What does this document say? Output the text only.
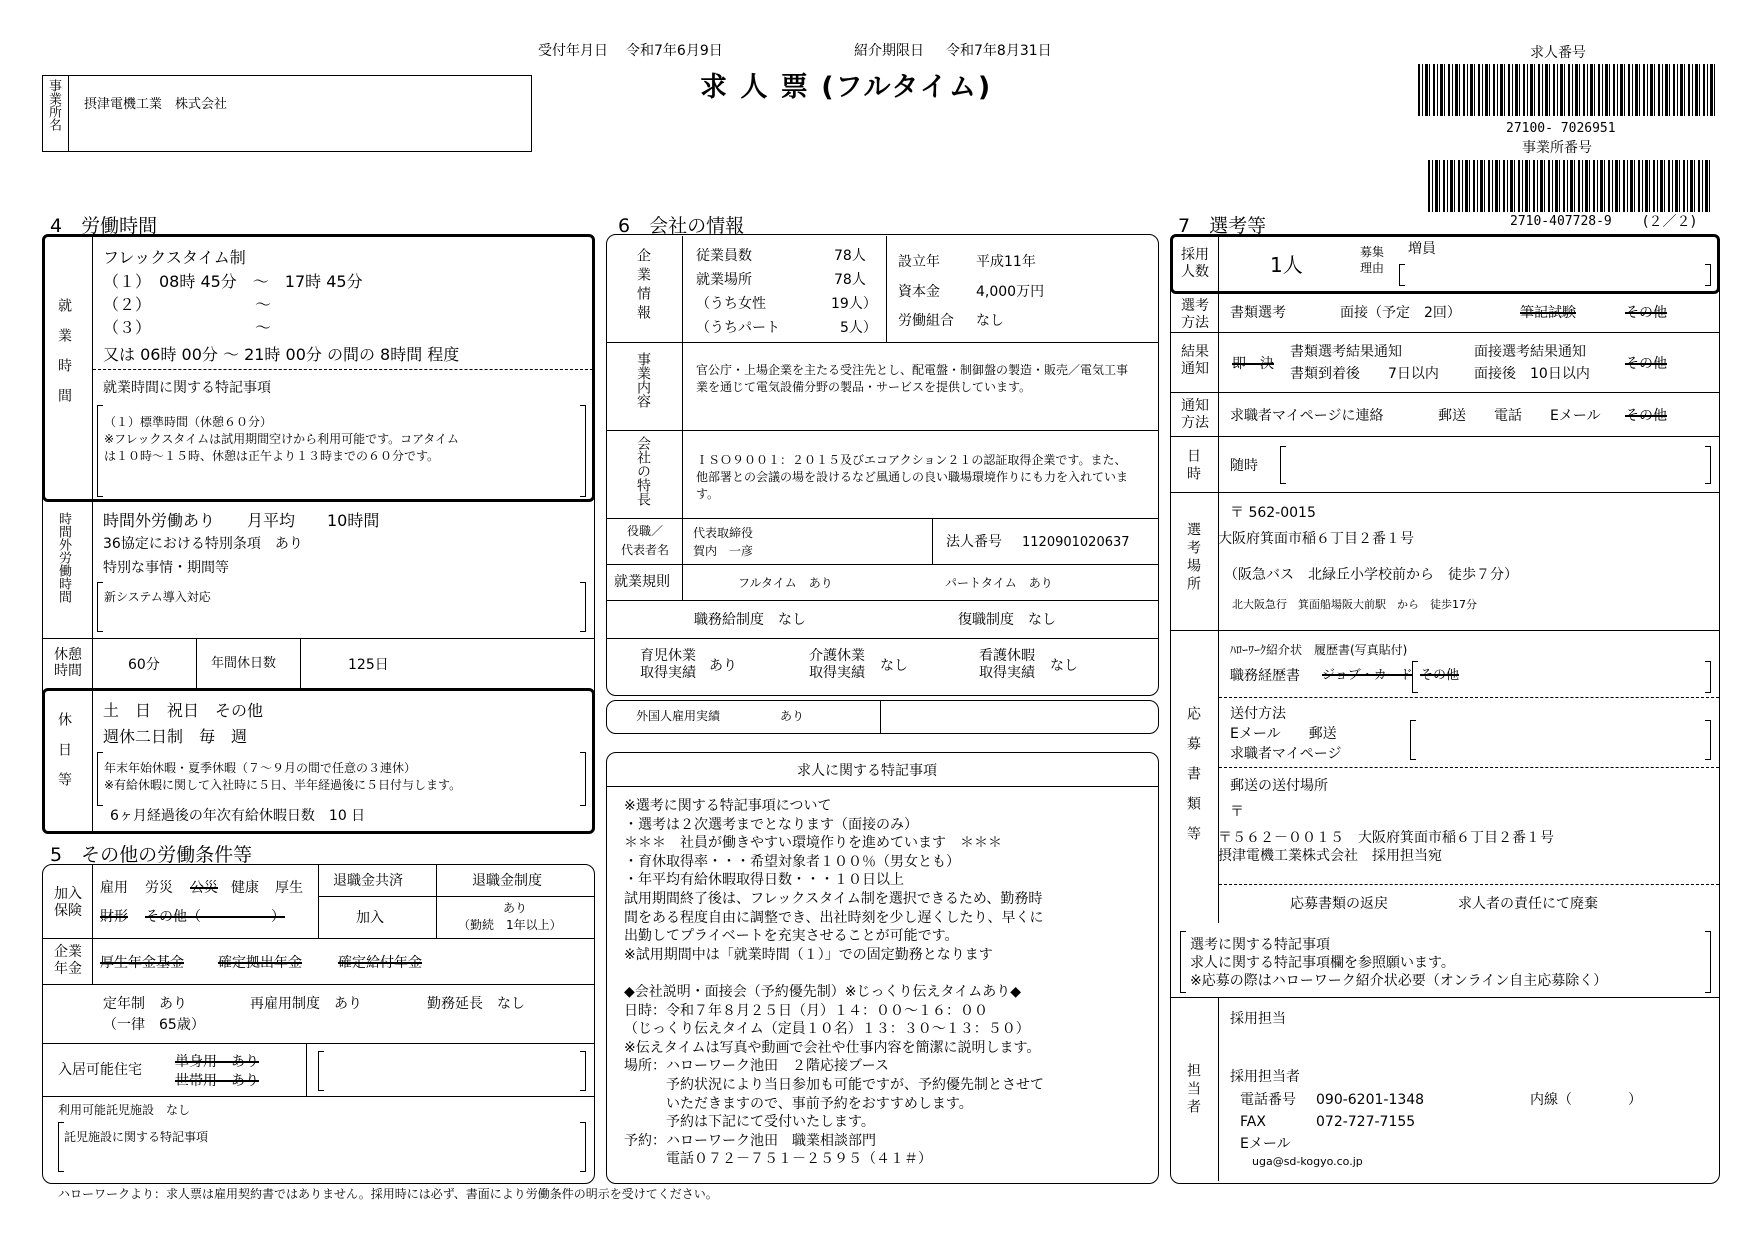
受付年月日 令和7年6月9日	紹介期限日 令和7年8月31日
求 人 票 (フルタイム)
事業所名 摂津電機工業　株式会社
求人番号
27100- 7026951
事業所番号
2710-407728-9 (２／２)
4　労働時間
就業時間
フレックスタイム制
（１）　08時 45分　～　17時 45分
（２）　　　　　　　～
（３）　　　　　　　～
又は 06時 00分 ～ 21時 00分 の間の 8時間 程度
就業時間に関する特記事項
（１）標準時間（休憩６０分）
※フレックスタイムは試用期間空けから利用可能です。コアタイム
は１０時～１５時、休憩は正午より１３時までの６０分です。
時間外労働時間 時間外労働あり　　月平均　　10時間
36協定における特別条項　あり
特別な事情・期間等
新システム導入対応
休憩時間	60分	年間休日数	125日
休日等
土　日　祝日　その他
週休二日制　毎　週
年末年始休暇・夏季休暇（７～９月の間で任意の３連休）
※有給休暇に関して入社時に５日、半年経過後に５日付与します。
6ヶ月経過後の年次有給休暇日数　10 日
5　その他の労働条件等
加入保険
雇用 労災 公災 健康 厚生
財形 その他（　　　　　）
退職金共済
加入
退職金制度
あり
（勤続　1年以上）
企業年金	厚生年金基金 確定拠出年金	確定給付年金
定年制　あり	再雇用制度　あり	勤務延長　なし
（一律　65歳）
入居可能住宅 単身用　あり
世帯用　あり
利用可能託児施設　なし
託児施設に関する特記事項
6　会社の情報
企業情報	従業員数	78人
就業場所	78人
（うち女性	19人）
（うちパート	5人）
設立年	平成11年
資本金	4,000万円
労働組合 なし
事業内容	官公庁・上場企業を主たる受注先とし、配電盤・制御盤の製造・販売／電気工事業を通じて電気設備分野の製品・サービスを提供しています。
会社の特長	ＩＳＯ９００１：２０１５及びエコアクション２１の認証取得企業です。また、他部署との会議の場を設けるなど風通しの良い職場環境作りにも力を入れています。
役職／
代表者名
代表取締役
賀内　一彦
法人番号 1120901020637
就業規則	フルタイム　あり	パートタイム　あり
職務給制度　なし	復職制度　なし
育児休業取得実績 あり
介護休業取得実績	なし
看護休暇取得実績	なし
外国人雇用実績	あり
求人に関する特記事項
※選考に関する特記事項について
・選考は２次選考までとなります（面接のみ）
＊＊＊　社員が働きやすい環境作りを進めています　＊＊＊
・育休取得率・・・希望対象者１００％（男女とも）
・年平均有給休暇取得日数・・・１０日以上
試用期間終了後は、フレックスタイム制を選択できるため、勤務時
間をある程度自由に調整でき、出社時刻を少し遅くしたり、早くに
出勤してプライベートを充実させることが可能です。
※試用期間中は「就業時間（１）」での固定勤務となります

◆会社説明・面接会（予約優先制）※じっくり伝えタイムあり◆
日時：令和７年８月２５日（月）１４：００～１６：００
（じっくり伝えタイム（定員１０名）１３：３０～１３：５０）
※伝えタイムは写真や動画で会社や仕事内容を簡潔に説明します。
場所：ハローワーク池田　２階応接ブース
　　　予約状況により当日参加も可能ですが、予約優先制とさせて
　　　いただきますので、事前予約をおすすめします。
　　　予約は下記にて受付いたします。
予約：ハローワーク池田　職業相談部門
　　　電話０７２－７５１－２５９５（４１＃）
7　選考等
採用人数	1人
募集理由
増員
選考方法
書類選考	面接（予定　2回）	筆記試験	その他
結果通知	即　決
書類選考結果通知
書類到着後　　7日以内
面接選考結果通知
面接後　10日以内
その他
通知方法	求職者マイページに連絡	郵送 電話 Eメール その他
日時 随時
選考場所
〒 562-0015
大阪府箕面市稲６丁目２番１号
（阪急バス　北緑丘小学校前から　徒歩７分）
北大阪急行　箕面船場阪大前駅　から　徒歩17分
応募書類等
ﾊﾛｰﾜｰｸ紹介状　履歴書(写真貼付)
職務経歴書 ジョブ・カード その他
送付方法
Eメール　　郵送
求職者マイページ
郵送の送付場所
〒
〒５６２－００１５　大阪府箕面市稲６丁目２番１号
摂津電機工業株式会社　採用担当宛
応募書類の返戻	求人者の責任にて廃棄
選考に関する特記事項
求人に関する特記事項欄を参照願います。
※応募の際はハローワーク紹介状必要（オンライン自主応募除く）
担当者
採用担当
採用担当者
電話番号 090-6201-1348	内線（　　　　）
FAX	072-727-7155
Eメール
uga@sd-kogyo.co.jp
ハローワークより：求人票は雇用契約書ではありません。採用時には必ず、書面により労働条件の明示を受けてください。
